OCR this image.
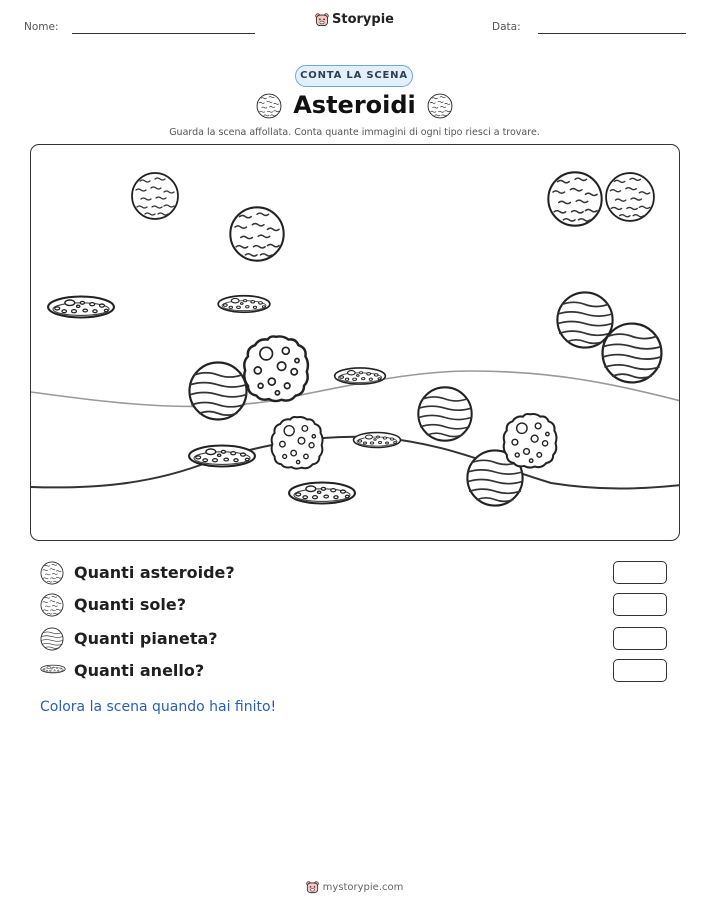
Nome:	Storypie	Data:
CONTA LA SCENA
Asteroidi
Guarda la scena affollata. Conta quante immagini di ogni tipo riesci a trovare.
Quanti asteroide?
Quanti sole?
Quanti pianeta?
Quanti anello?
Colora la scena quando hai finito!
mystorypie.com
